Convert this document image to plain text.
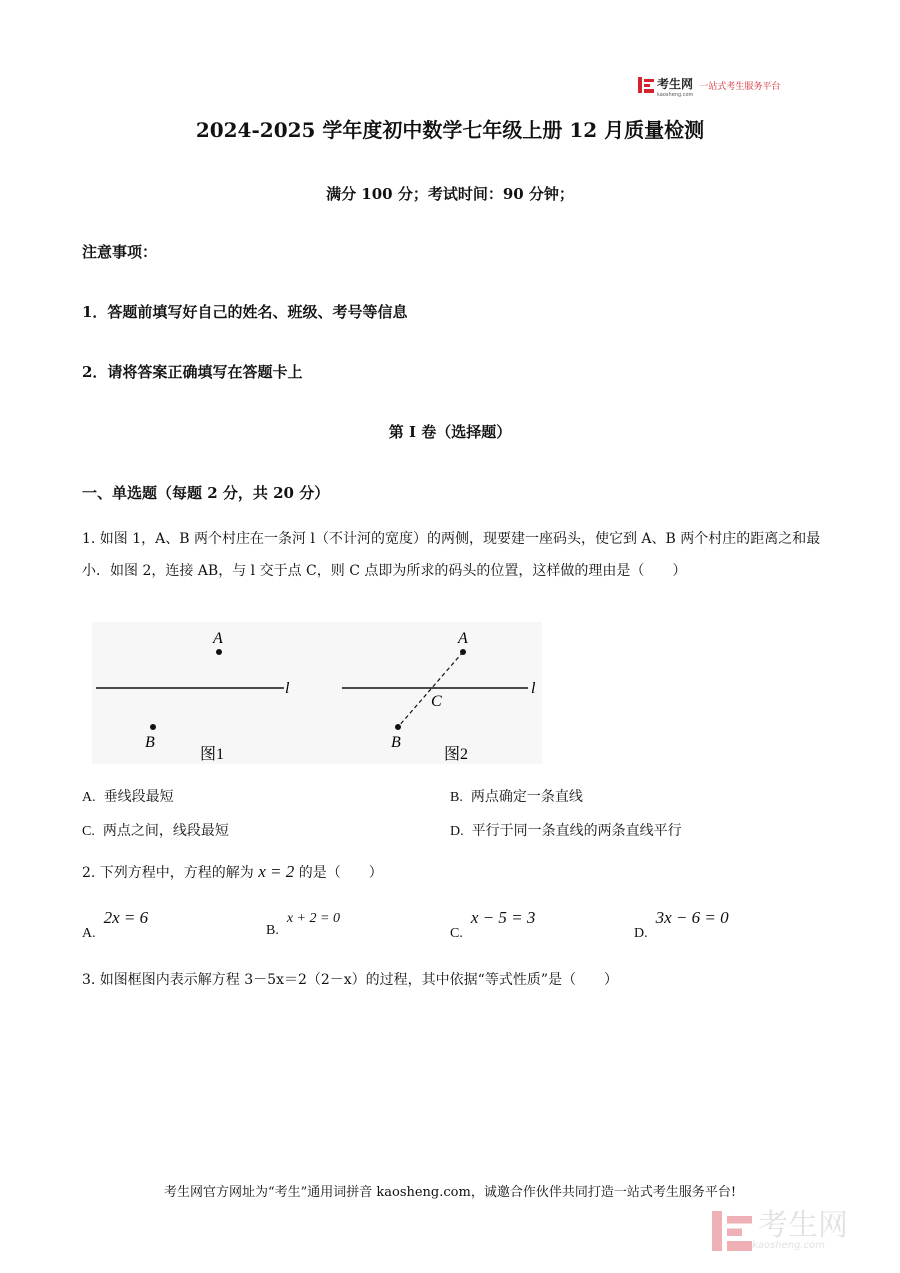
考生网
kaosheng.com
一站式考生服务平台
2024-2025 学年度初中数学七年级上册 12 月质量检测
满分 100 分；考试时间：90 分钟；
注意事项：
1．答题前填写好自己的姓名、班级、考号等信息
2．请将答案正确填写在答题卡上
第 I 卷（选择题）
一、单选题（每题 2 分，共 20 分）
1. 如图 1，A、B 两个村庄在一条河 l（不计河的宽度）的两侧，现要建一座码头，使它到 A、B 两个村庄的距离之和最小．如图 2，连接 AB，与 l 交于点 C，则 C 点即为所求的码头的位置，这样做的理由是（　　）
A
B
l
图1
A
B
C
l
图2
A. 垂线段最短	B. 两点确定一条直线
C. 两点之间，线段最短	D. 平行于同一条直线的两条直线平行
2. 下列方程中，方程的解为 x = 2 的是（　　）
A.2x = 6
B.x + 2 = 0
C.x − 5 = 3
D.3x − 6 = 0
3. 如图框图内表示解方程 3－5x＝2（2－x）的过程，其中依据“等式性质”是（　　）
考生网官方网址为“考生”通用词拼音 kaosheng.com，诚邀合作伙伴共同打造一站式考生服务平台!
考生网
kaosheng.com
